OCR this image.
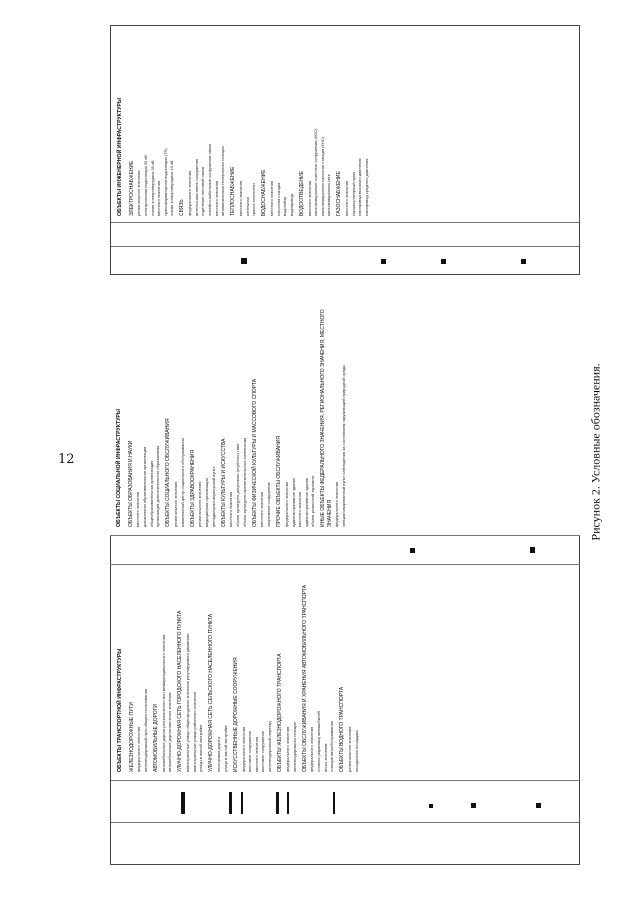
12
ОБЪЕКТЫ ТРАНСПОРТНОЙ ИНФРАСТРУКТУРЫ ЖЕЛЕЗНОДОРОЖНЫЕ ПУТИ федерального значения железнодорожный путь общего пользования АВТОМОБИЛЬНЫЕ ДОРОГИ автомобильные дороги регионального или межмуниципального значения автомобильные дороги местного значения УЛИЧНО-ДОРОЖНАЯ СЕТЬ ГОРОДСКОГО НАСЕЛЕННОГО ПУНКТА магистральные улицы общегородского значения регулируемого движения магистральные улицы районного значения улицы в жилой застройке УЛИЧНО-ДОРОЖНАЯ СЕТЬ СЕЛЬСКОГО НАСЕЛЕННОГО ПУНКТА поселковая дорога улица в жилой застройке ИСКУССТВЕННЫЕ ДОРОЖНЫЕ СООРУЖЕНИЯ федерального значения мостовое сооружение местного значения мостовое сооружение железнодорожный переезд ОБЪЕКТЫ ЖЕЛЕЗНОДОРОЖНОГО ТРАНСПОРТА федерального значения железнодорожная станция ОБЪЕКТЫ ОБСЛУЖИВАНИЯ И ХРАНЕНИЯ АВТОМОБИЛЬНОГО ТРАНСПОРТА федерального значения стоянка (парковка) автомобилей иного значения станция автообслуживания ОБЪЕКТЫ ВОДНОГО ТРАНСПОРТА регионального значения посадочная площадка
ОБЪЕКТЫ СОЦИАЛЬНОЙ ИНФРАСТРУКТУРЫ ОБЪЕКТЫ ОБРАЗОВАНИЯ И НАУКИ местного значения дошкольная образовательная организация общеобразовательная организация организация дополнительного образования ОБЪЕКТЫ СОЦИАЛЬНОГО ОБСЛУЖИВАНИЯ регионального значения комплексный центр социального обслуживания ОБЪЕКТЫ ЗДРАВООХРАНЕНИЯ регионального значения медицинская организация фельдшерско-акушерский пункт ОБЪЕКТЫ КУЛЬТУРЫ И ИСКУССТВА местного значения объект культурно-досугового (клубного) типа объект культурно-просветительного назначения ОБЪЕКТЫ ФИЗИЧЕСКОЙ КУЛЬТУРЫ И МАССОВОГО СПОРТА местного значения спортивное сооружение ПРОЧИЕ ОБЪЕКТЫ ОБСЛУЖИВАНИЯ федерального значения административное здание местного значения административное здание объект розничной торговли ИНЫЕ ОБЪЕКТЫ ФЕДЕРАЛЬНОГО ЗНАЧЕНИЯ, РЕГИОНАЛЬНОГО ЗНАЧЕНИЯ, МЕСТНОГО ЗНАЧЕНИЯ федерального значения специализированный пункт наблюдения за состоянием окружающей природной среды
ОБЪЕКТЫ ИНЖЕНЕРНОЙ ИНФРАСТРУКТУРЫ ЭЛЕКТРОСНАБЖЕНИЕ регионального значения электрическая подстанция 35 кВ линия электропередачи 35 кВ местного значения трансформаторная подстанция (ТП) линия электропередачи 10 кВ СВЯЗЬ федерального значения антенно-мачтовое сооружение отделение почтовой связи линейно-кабельные сооружения связи местного значения автоматическая телефонная станция ТЕПЛОСНАБЖЕНИЕ местного значения котельная трасса теплосети ВОДОСНАБЖЕНИЕ местного значения насосная станция водозабор водопровод ВОДООТВЕДЕНИЕ местного значения канализационные очистные сооружения (КОС) канализационная насосная станция (КНС) канализационная сеть ГАЗОСНАБЖЕНИЕ местного значения газорегуляторный пункт газопровод высокого давления газопровод среднего давления
Рисунок 2. Условные обозначения.
